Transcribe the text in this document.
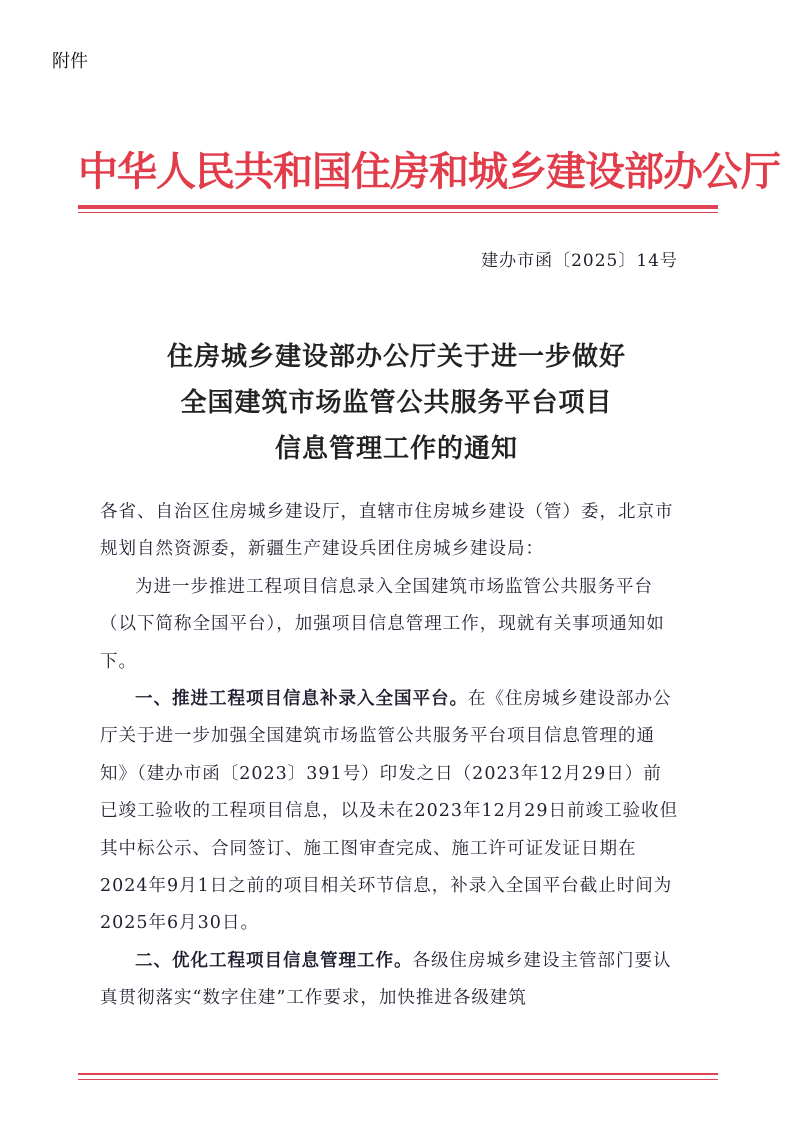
附件
中华人民共和国住房和城乡建设部办公厅
建办市函〔2025〕14号
住房城乡建设部办公厅关于进一步做好
全国建筑市场监管公共服务平台项目
信息管理工作的通知

各省、自治区住房城乡建设厅，直辖市住房城乡建设（管）委，北京市规划自然资源委，新疆生产建设兵团住房城乡建设局：

为进一步推进工程项目信息录入全国建筑市场监管公共服务平台（以下简称全国平台），加强项目信息管理工作，现就有关事项通知如下。

一、推进工程项目信息补录入全国平台。在《住房城乡建设部办公厅关于进一步加强全国建筑市场监管公共服务平台项目信息管理的通知》（建办市函〔2023〕391号）印发之日（2023年12月29日）前已竣工验收的工程项目信息，以及未在2023年12月29日前竣工验收但其中标公示、合同签订、施工图审查完成、施工许可证发证日期在2024年9月1日之前的项目相关环节信息，补录入全国平台截止时间为2025年6月30日。

二、优化工程项目信息管理工作。各级住房城乡建设主管部门要认真贯彻落实“数字住建”工作要求，加快推进各级建筑
